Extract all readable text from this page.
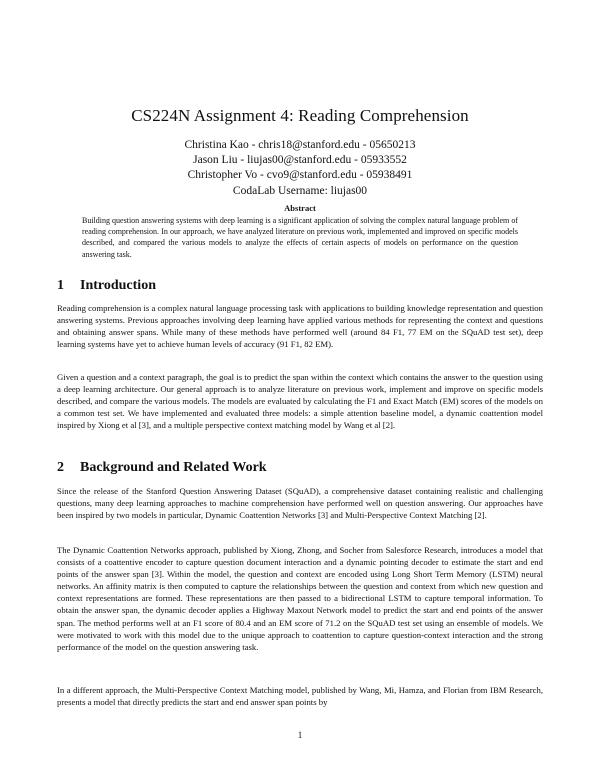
CS224N Assignment 4: Reading Comprehension
Christina Kao - chris18@stanford.edu - 05650213
Jason Liu - liujas00@stanford.edu - 05933552
Christopher Vo - cvo9@stanford.edu - 05938491
CodaLab Username: liujas00
Abstract
Building question answering systems with deep learning is a significant application of solving the complex natural language problem of reading comprehension. In our approach, we have analyzed literature on previous work, implemented and improved on specific models described, and compared the various models to analyze the effects of certain aspects of models on performance on the question answering task.
1 Introduction
Reading comprehension is a complex natural language processing task with applications to building knowledge representation and question answering systems. Previous approaches involving deep learning have applied various methods for representing the context and questions and obtaining answer spans. While many of these methods have performed well (around 84 F1, 77 EM on the SQuAD test set), deep learning systems have yet to achieve human levels of accuracy (91 F1, 82 EM).
Given a question and a context paragraph, the goal is to predict the span within the context which contains the answer to the question using a deep learning architecture. Our general approach is to analyze literature on previous work, implement and improve on specific models described, and compare the various models. The models are evaluated by calculating the F1 and Exact Match (EM) scores of the models on a common test set. We have implemented and evaluated three models: a simple attention baseline model, a dynamic coattention model inspired by Xiong et al [3], and a multiple perspective context matching model by Wang et al [2].
2 Background and Related Work
Since the release of the Stanford Question Answering Dataset (SQuAD), a comprehensive dataset containing realistic and challenging questions, many deep learning approaches to machine comprehension have performed well on question answering. Our approaches have been inspired by two models in particular, Dynamic Coattention Networks [3] and Multi-Perspective Context Matching [2].
The Dynamic Coattention Networks approach, published by Xiong, Zhong, and Socher from Salesforce Research, introduces a model that consists of a coattentive encoder to capture question document interaction and a dynamic pointing decoder to estimate the start and end points of the answer span [3]. Within the model, the question and context are encoded using Long Short Term Memory (LSTM) neural networks. An affinity matrix is then computed to capture the relationships between the question and context from which new question and context representations are formed. These representations are then passed to a bidirectional LSTM to capture temporal information. To obtain the answer span, the dynamic decoder applies a Highway Maxout Network model to predict the start and end points of the answer span. The method performs well at an F1 score of 80.4 and an EM score of 71.2 on the SQuAD test set using an ensemble of models. We were motivated to work with this model due to the unique approach to coattention to capture question-context interaction and the strong performance of the model on the question answering task.
In a different approach, the Multi-Perspective Context Matching model, published by Wang, Mi, Hamza, and Florian from IBM Research, presents a model that directly predicts the start and end answer span points by
1
